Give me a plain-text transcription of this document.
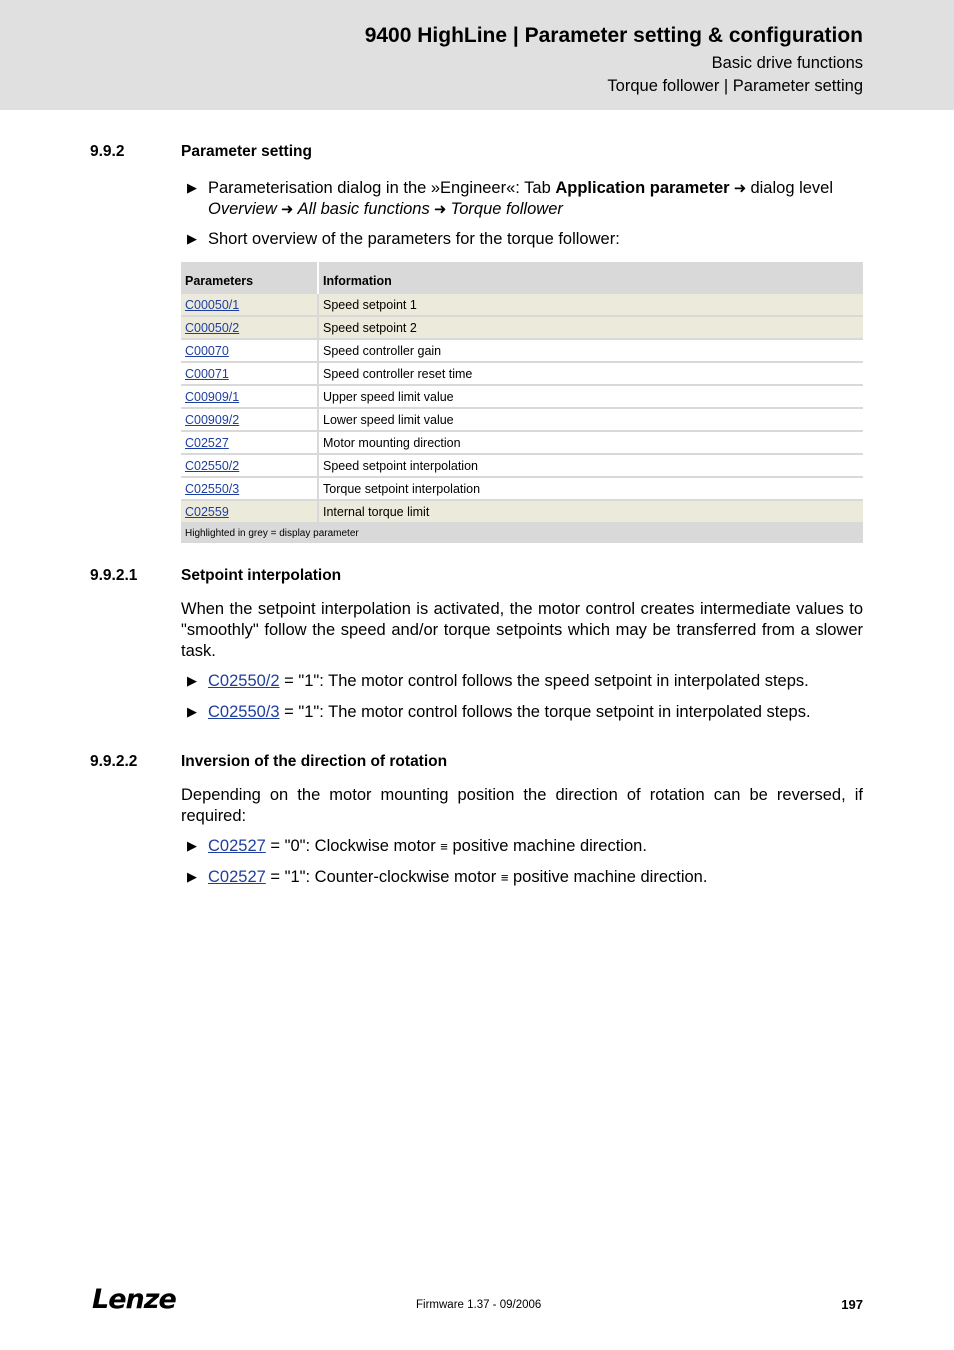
9400 HighLine | Parameter setting & configuration
Basic drive functions
Torque follower | Parameter setting
9.9.2	Parameter setting
▶ Parameterisation dialog in the »Engineer«: Tab Application parameter ➜ dialog level
Overview ➜ All basic functions ➜ Torque follower
▶ Short overview of the parameters for the torque follower:
Parameters	Information
C00050/1	Speed setpoint 1
C00050/2	Speed setpoint 2
C00070	Speed controller gain
C00071	Speed controller reset time
C00909/1	Upper speed limit value
C00909/2	Lower speed limit value
C02527	Motor mounting direction
C02550/2	Speed setpoint interpolation
C02550/3	Torque setpoint interpolation
C02559	Internal torque limit
Highlighted in grey = display parameter	
9.9.2.1	Setpoint interpolation
When the setpoint interpolation is activated, the motor control creates intermediate values to "smoothly" follow the speed and/or torque setpoints which may be transferred from a slower task.
▶ C02550/2 = "1": The motor control follows the speed setpoint in interpolated steps.
▶ C02550/3 = "1": The motor control follows the torque setpoint in interpolated steps.
9.9.2.2	Inversion of the direction of rotation
Depending on the motor mounting position the direction of rotation can be reversed, if required:
▶ C02527 = "0": Clockwise motor ≡ positive machine direction.
▶ C02527 = "1": Counter-clockwise motor ≡ positive machine direction.
Lenze	Firmware 1.37 - 09/2006	197
